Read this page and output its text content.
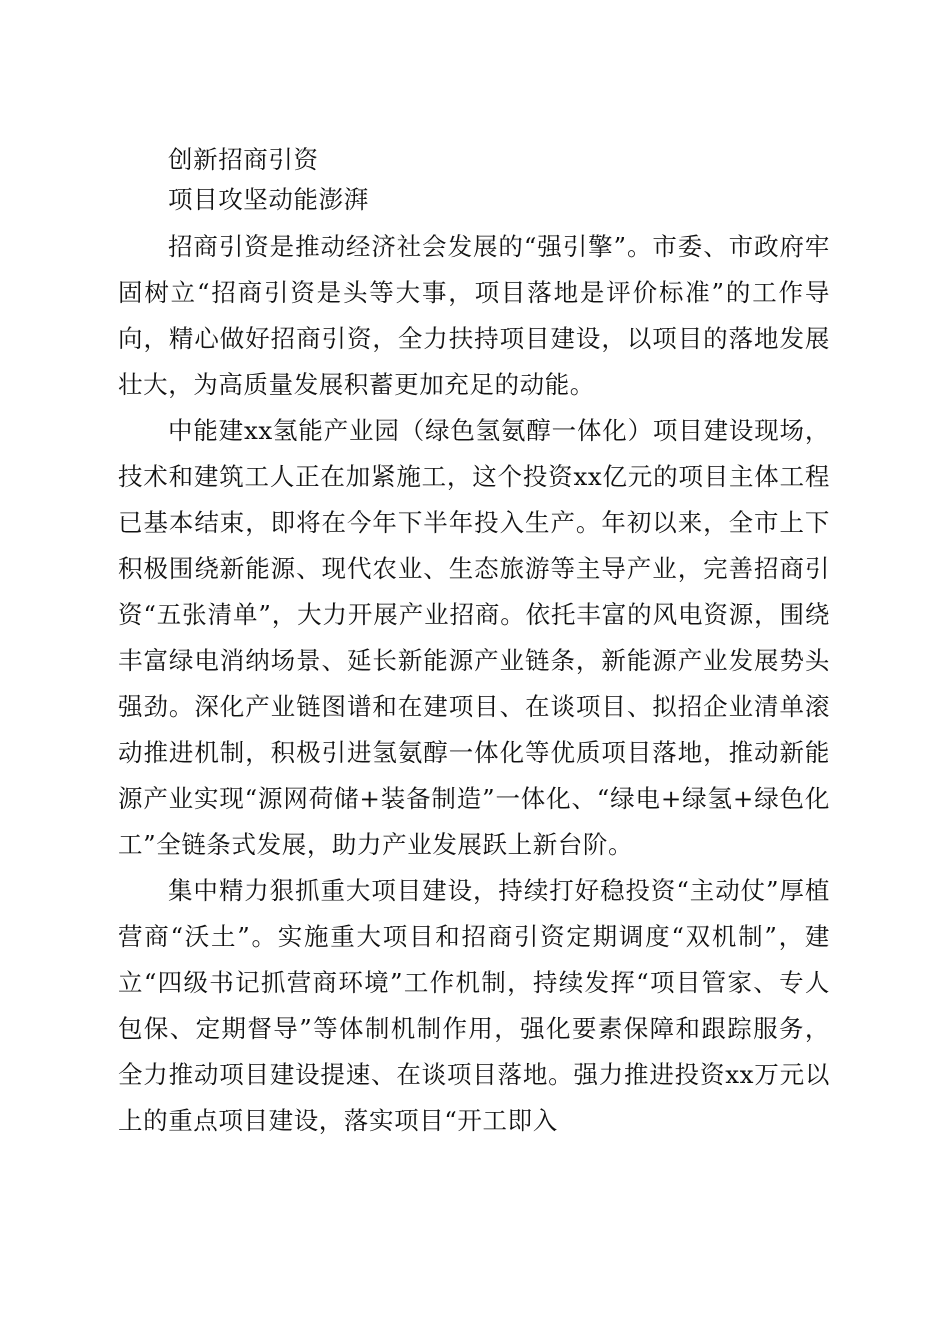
创新招商引资
项目攻坚动能澎湃

招商引资是推动经济社会发展的“强引擎”。市委、市政府牢固树立“招商引资是头等大事，项目落地是评价标准”的工作导向，精心做好招商引资，全力扶持项目建设，以项目的落地发展壮大，为高质量发展积蓄更加充足的动能。

中能建xx氢能产业园（绿色氢氨醇一体化）项目建设现场，技术和建筑工人正在加紧施工，这个投资xx亿元的项目主体工程已基本结束，即将在今年下半年投入生产。年初以来，全市上下积极围绕新能源、现代农业、生态旅游等主导产业，完善招商引资“五张清单”，大力开展产业招商。依托丰富的风电资源，围绕丰富绿电消纳场景、延长新能源产业链条，新能源产业发展势头强劲。深化产业链图谱和在建项目、在谈项目、拟招企业清单滚动推进机制，积极引进氢氨醇一体化等优质项目落地，推动新能源产业实现“源网荷储+装备制造”一体化、“绿电+绿氢+绿色化工”全链条式发展，助力产业发展跃上新台阶。

集中精力狠抓重大项目建设，持续打好稳投资“主动仗”厚植营商“沃土”。实施重大项目和招商引资定期调度“双机制”，建立“四级书记抓营商环境”工作机制，持续发挥“项目管家、专人包保、定期督导”等体制机制作用，强化要素保障和跟踪服务，全力推动项目建设提速、在谈项目落地。强力推进投资xx万元以上的重点项目建设，落实项目“开工即入
